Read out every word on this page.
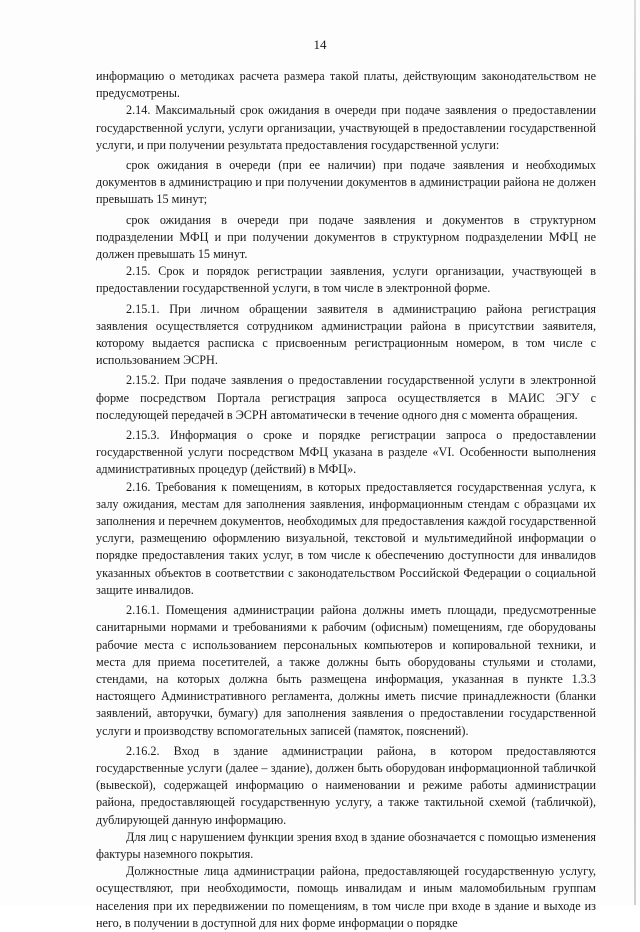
14

информацию о методиках расчета размера такой платы, действующим законодательством не предусмотрены.

2.14. Максимальный срок ожидания в очереди при подаче заявления о предоставлении государственной услуги, услуги организации, участвующей в предоставлении государственной услуги, и при получении результата предоставления государственной услуги:

срок ожидания в очереди (при ее наличии) при подаче заявления и необходимых документов в администрацию и при получении документов в администрации района не должен превышать 15 минут;

срок ожидания в очереди при подаче заявления и документов в структурном подразделении МФЦ и при получении документов в структурном подразделении МФЦ не должен превышать 15 минут.

2.15. Срок и порядок регистрации заявления, услуги организации, участвующей в предоставлении государственной услуги, в том числе в электронной форме.

2.15.1. При личном обращении заявителя в администрацию района регистрация заявления осуществляется сотрудником администрации района в присутствии заявителя, которому выдается расписка с присвоенным регистрационным номером, в том числе с использованием ЭСРН.

2.15.2. При подаче заявления о предоставлении государственной услуги в электронной форме посредством Портала регистрация запроса осуществляется в МАИС ЭГУ с последующей передачей в ЭСРН автоматически в течение одного дня с момента обращения.

2.15.3. Информация о сроке и порядке регистрации запроса о предоставлении государственной услуги посредством МФЦ указана в разделе «VI. Особенности выполнения административных процедур (действий) в МФЦ».

2.16. Требования к помещениям, в которых предоставляется государственная услуга, к залу ожидания, местам для заполнения заявления, информационным стендам с образцами их заполнения и перечнем документов, необходимых для предоставления каждой государственной услуги, размещению оформлению визуальной, текстовой и мультимедийной информации о порядке предоставления таких услуг, в том числе к обеспечению доступности для инвалидов указанных объектов в соответствии с законодательством Российской Федерации о социальной защите инвалидов.

2.16.1. Помещения администрации района должны иметь площади, предусмотренные санитарными нормами и требованиями к рабочим (офисным) помещениям, где оборудованы рабочие места с использованием персональных компьютеров и копировальной техники, и места для приема посетителей, а также должны быть оборудованы стульями и столами, стендами, на которых должна быть размещена информация, указанная в пункте 1.3.3 настоящего Административного регламента, должны иметь писчие принадлежности (бланки заявлений, авторучки, бумагу) для заполнения заявления о предоставлении государственной услуги и производству вспомогательных записей (памяток, пояснений).

2.16.2. Вход в здание администрации района, в котором предоставляются государственные услуги (далее – здание), должен быть оборудован информационной табличкой (вывеской), содержащей информацию о наименовании и режиме работы администрации района, предоставляющей государственную услугу, а также тактильной схемой (табличкой), дублирующей данную информацию.

Для лиц с нарушением функции зрения вход в здание обозначается с помощью изменения фактуры наземного покрытия.

Должностные лица администрации района, предоставляющей государственную услугу, осуществляют, при необходимости, помощь инвалидам и иным маломобильным группам населения при их передвижении по помещениям, в том числе при входе в здание и выходе из него, в получении в доступной для них форме информации о порядке
